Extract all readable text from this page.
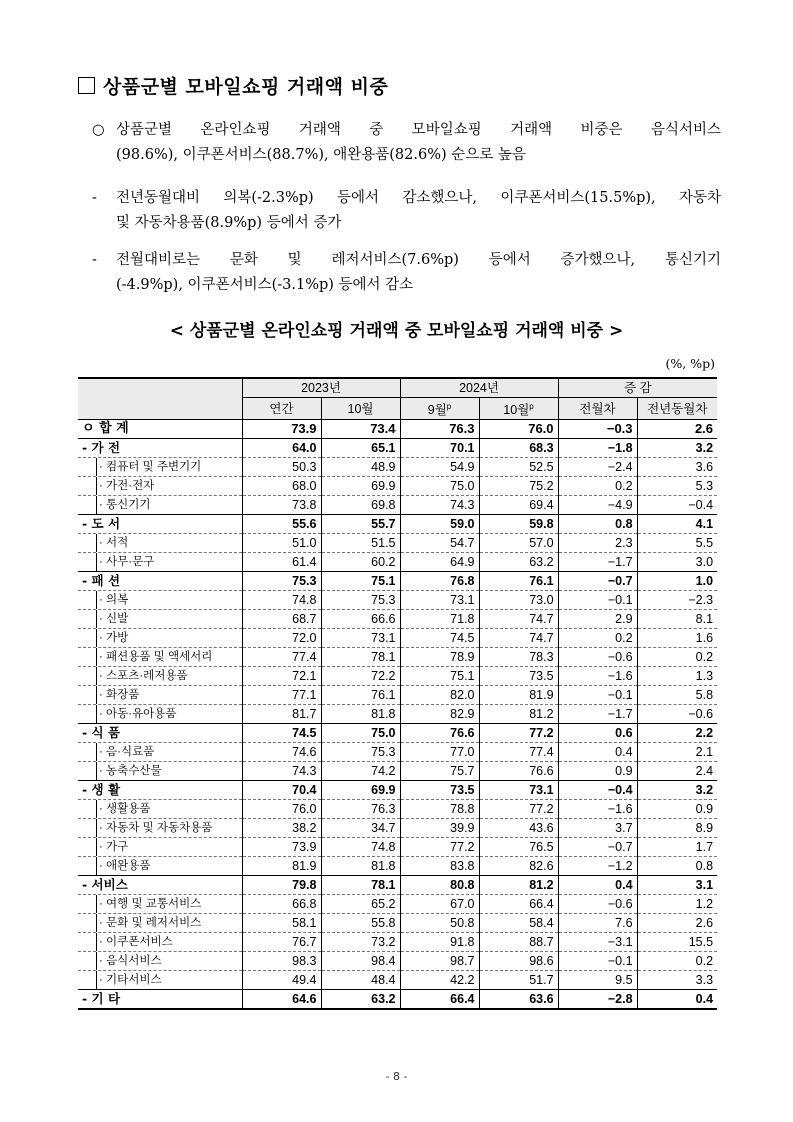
상품군별 모바일쇼핑 거래액 비중
○ 상품군별 온라인쇼핑 거래액 중 모바일쇼핑 거래액 비중은 음식서비스
(98.6%), 이쿠폰서비스(88.7%), 애완용품(82.6%) 순으로 높음
- 전년동월대비 의복(-2.3%p) 등에서 감소했으나, 이쿠폰서비스(15.5%p), 자동차
및 자동차용품(8.9%p) 등에서 증가
- 전월대비로는 문화 및 레저서비스(7.6%p) 등에서 증가했으나, 통신기기
(-4.9%p), 이쿠폰서비스(-3.1%p) 등에서 감소
< 상품군별 온라인쇼핑 거래액 중 모바일쇼핑 거래액 비중 >
(%, %p)
	2023년		2024년		증 감	
	연간	10월	9월$^p$	10월$^p$	전월차	전년동월차
ㅇ 합 계	73.9	73.4	76.3	76.0	−0.3	2.6
- 가 전	64.0	65.1	70.1	68.3	−1.8	3.2
· 컴퓨터 및 주변기기	50.3	48.9	54.9	52.5	−2.4	3.6
· 가전·전자	68.0	69.9	75.0	75.2	0.2	5.3
· 통신기기	73.8	69.8	74.3	69.4	−4.9	−0.4
- 도 서	55.6	55.7	59.0	59.8	0.8	4.1
· 서적	51.0	51.5	54.7	57.0	2.3	5.5
· 사무·문구	61.4	60.2	64.9	63.2	−1.7	3.0
- 패 션	75.3	75.1	76.8	76.1	−0.7	1.0
· 의복	74.8	75.3	73.1	73.0	−0.1	−2.3
· 신발	68.7	66.6	71.8	74.7	2.9	8.1
· 가방	72.0	73.1	74.5	74.7	0.2	1.6
· 패션용품 및 액세서리	77.4	78.1	78.9	78.3	−0.6	0.2
· 스포츠·레저용품	72.1	72.2	75.1	73.5	−1.6	1.3
· 화장품	77.1	76.1	82.0	81.9	−0.1	5.8
· 아동·유아용품	81.7	81.8	82.9	81.2	−1.7	−0.6
- 식 품	74.5	75.0	76.6	77.2	0.6	2.2
· 음·식료품	74.6	75.3	77.0	77.4	0.4	2.1
· 농축수산물	74.3	74.2	75.7	76.6	0.9	2.4
- 생 활	70.4	69.9	73.5	73.1	−0.4	3.2
· 생활용품	76.0	76.3	78.8	77.2	−1.6	0.9
· 자동차 및 자동차용품	38.2	34.7	39.9	43.6	3.7	8.9
· 가구	73.9	74.8	77.2	76.5	−0.7	1.7
· 애완용품	81.9	81.8	83.8	82.6	−1.2	0.8
- 서비스	79.8	78.1	80.8	81.2	0.4	3.1
· 여행 및 교통서비스	66.8	65.2	67.0	66.4	−0.6	1.2
· 문화 및 레저서비스	58.1	55.8	50.8	58.4	7.6	2.6
· 이쿠폰서비스	76.7	73.2	91.8	88.7	−3.1	15.5
· 음식서비스	98.3	98.4	98.7	98.6	−0.1	0.2
· 기타서비스	49.4	48.4	42.2	51.7	9.5	3.3
- 기 타	64.6	63.2	66.4	63.6	−2.8	0.4
- 8 -
